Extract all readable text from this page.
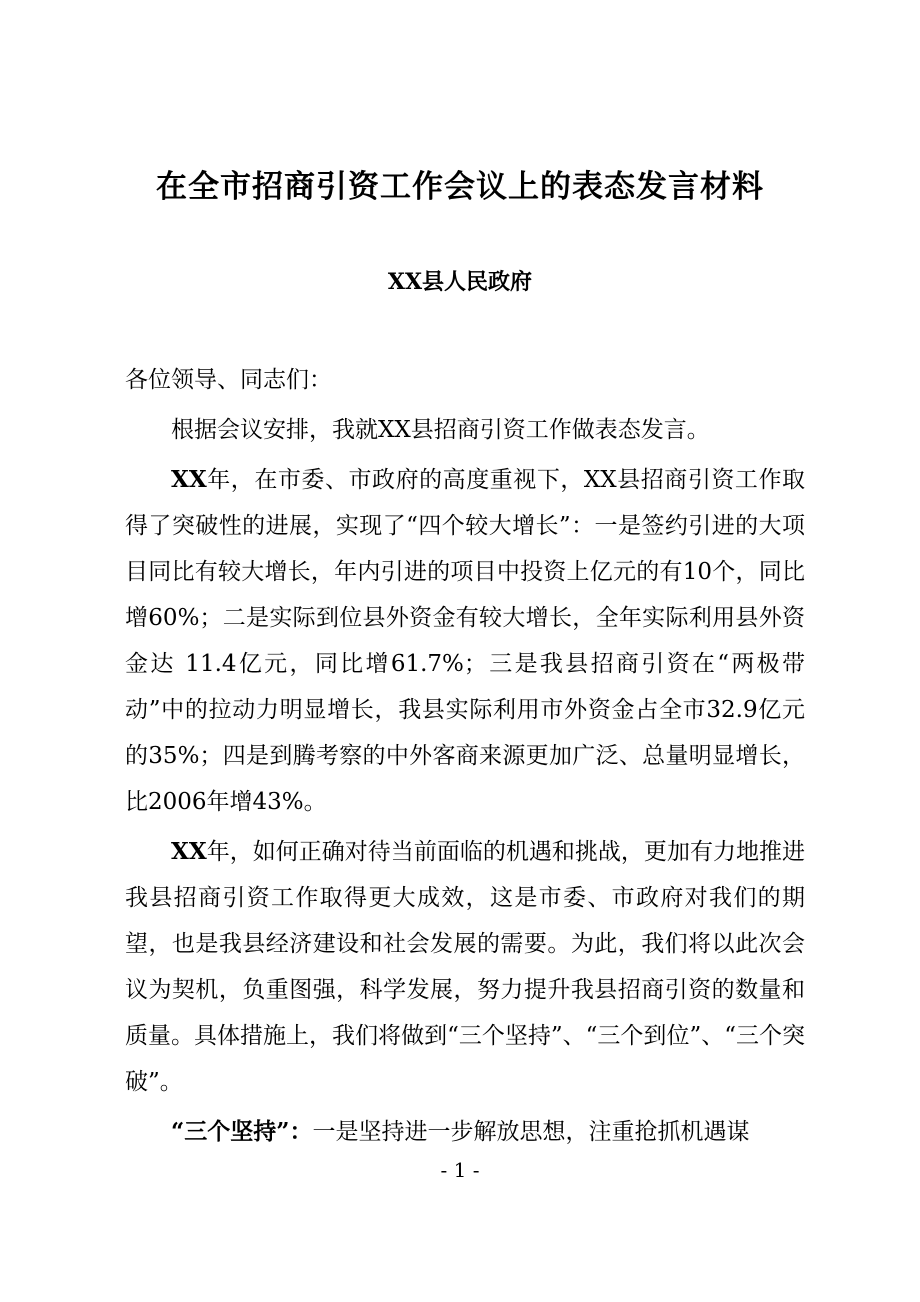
在全市招商引资工作会议上的表态发言材料
XX县人民政府

各位领导、同志们：

根据会议安排，我就XX县招商引资工作做表态发言。

XX年，在市委、市政府的高度重视下，XX县招商引资工作取得了突破性的进展，实现了“四个较大增长”：一是签约引进的大项目同比有较大增长，年内引进的项目中投资上亿元的有10个，同比增60%；二是实际到位县外资金有较大增长，全年实际利用县外资金达 11.4亿元，同比增61.7%；三是我县招商引资在“两极带动”中的拉动力明显增长，我县实际利用市外资金占全市32.9亿元的35%；四是到腾考察的中外客商来源更加广泛、总量明显增长，比2006年增43%。

XX年，如何正确对待当前面临的机遇和挑战，更加有力地推进我县招商引资工作取得更大成效，这是市委、市政府对我们的期望，也是我县经济建设和社会发展的需要。为此，我们将以此次会议为契机，负重图强，科学发展，努力提升我县招商引资的数量和质量。具体措施上，我们将做到“三个坚持”、“三个到位”、“三个突破”。

“三个坚持”：一是坚持进一步解放思想，注重抢抓机遇谋

- 1 -
